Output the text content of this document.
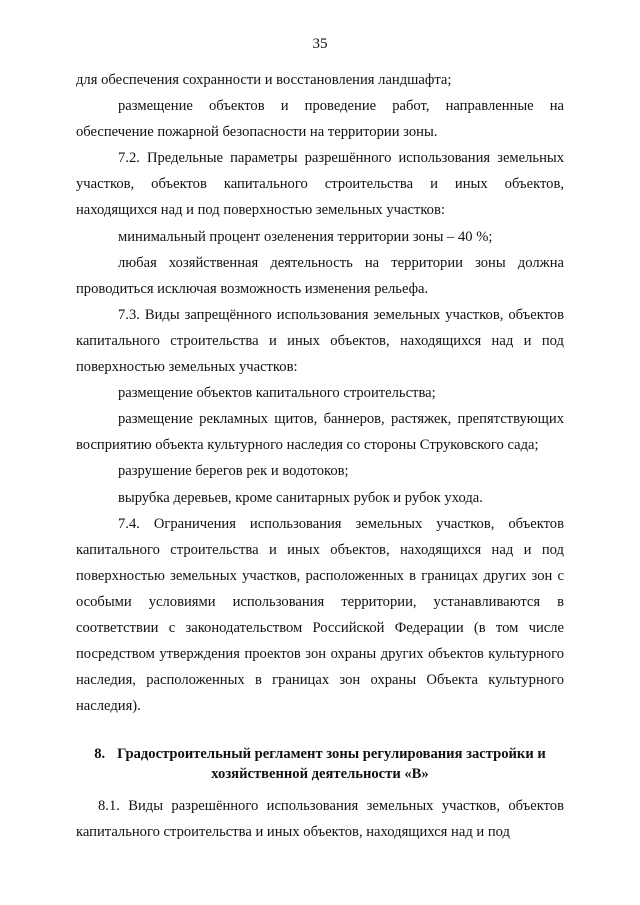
35

для обеспечения сохранности и восстановления ландшафта;

размещение объектов и проведение работ, направленные на обеспечение пожарной безопасности на территории зоны.

7.2. Предельные параметры разрешённого использования земельных участков, объектов капитального строительства и иных объектов, находящихся над и под поверхностью земельных участков:

минимальный процент озеленения территории зоны – 40 %;

любая хозяйственная деятельность на территории зоны должна проводиться исключая возможность изменения рельефа.

7.3. Виды запрещённого использования земельных участков, объектов капитального строительства и иных объектов, находящихся над и под поверхностью земельных участков:

размещение объектов капитального строительства;

размещение рекламных щитов, баннеров, растяжек, препятствующих восприятию объекта культурного наследия со стороны Струковского сада;

разрушение берегов рек и водотоков;

вырубка деревьев, кроме санитарных рубок и рубок ухода.

7.4. Ограничения использования земельных участков, объектов капитального строительства и иных объектов, находящихся над и под поверхностью земельных участков, расположенных в границах других зон с особыми условиями использования территории, устанавливаются в соответствии с законодательством Российской Федерации (в том числе посредством утверждения проектов зон охраны других объектов культурного наследия, расположенных в границах зон охраны Объекта культурного наследия).

8. Градостроительный регламент зоны регулирования застройки и хозяйственной деятельности «В»

8.1. Виды разрешённого использования земельных участков, объектов капитального строительства и иных объектов, находящихся над и под
